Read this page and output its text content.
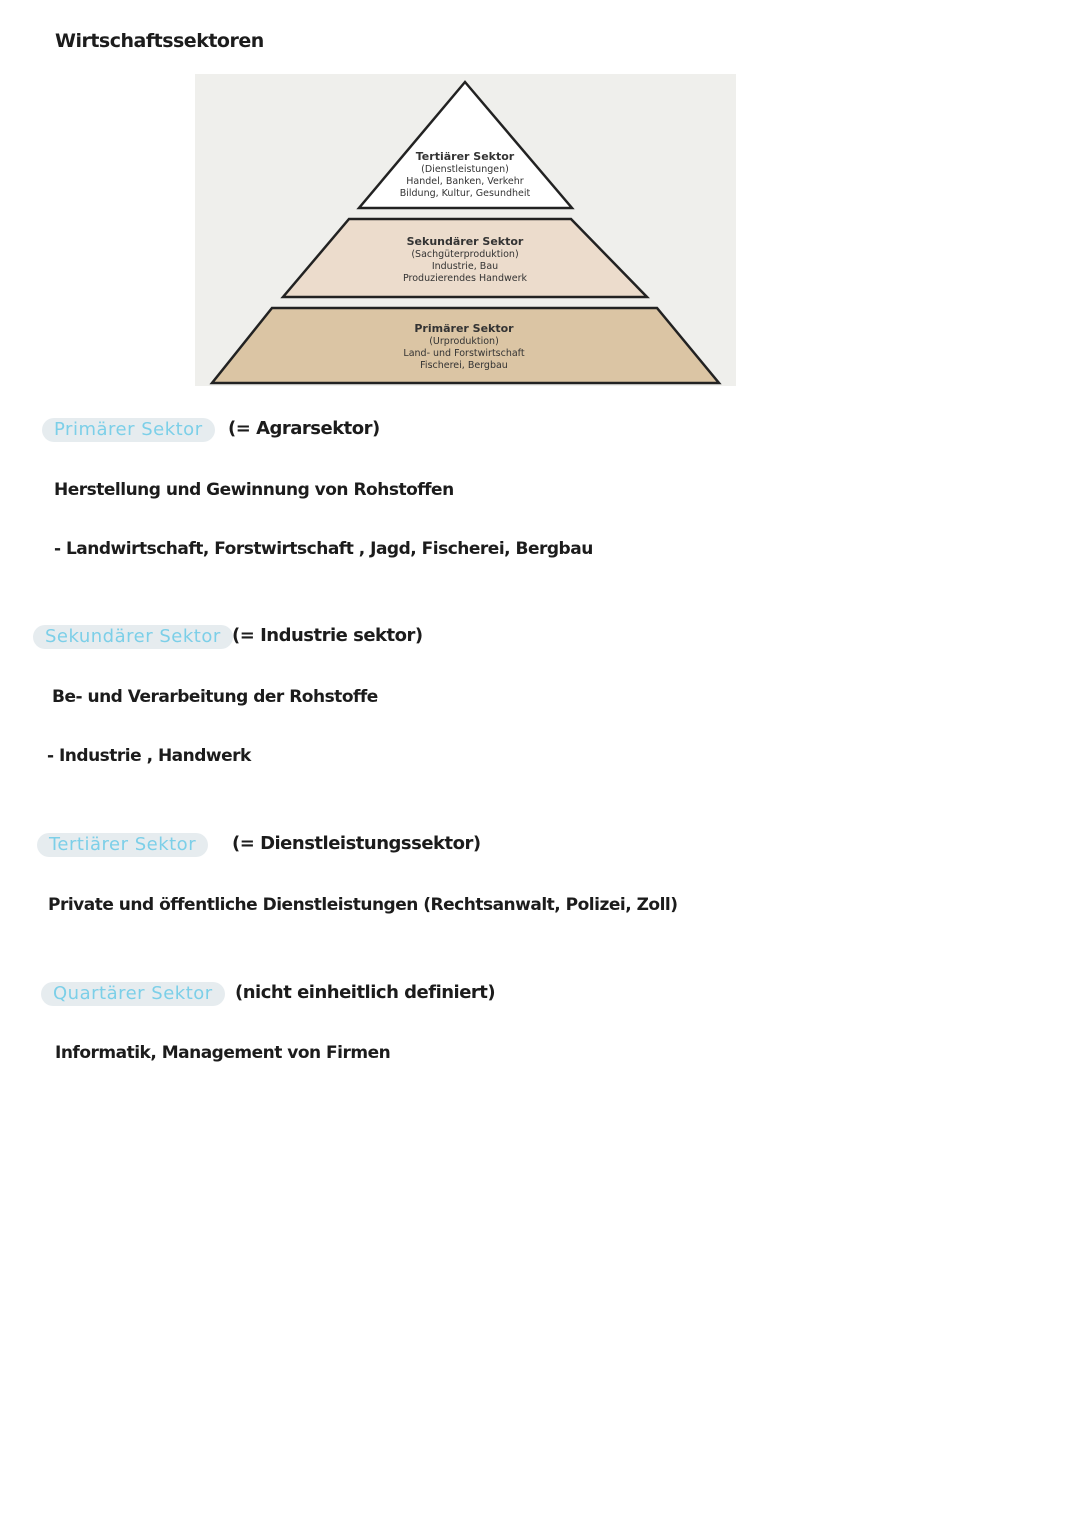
Wirtschaftssektoren
Tertiärer Sektor
(Dienstleistungen)
Handel, Banken, Verkehr
Bildung, Kultur, Gesundheit
Sekundärer Sektor
(Sachgüterproduktion)
Industrie, Bau
Produzierendes Handwerk
Primärer Sektor
(Urproduktion)
Land- und Forstwirtschaft
Fischerei, Bergbau
Primärer Sektor	(= Agrarsektor)
Herstellung und Gewinnung von Rohstoffen
- Landwirtschaft, Forstwirtschaft , Jagd, Fischerei, Bergbau
Sekundärer Sektor (= Industrie sektor)
Be- und Verarbeitung der Rohstoffe
- Industrie , Handwerk
Tertiärer Sektor	(= Dienstleistungssektor)
Private und öffentliche Dienstleistungen (Rechtsanwalt, Polizei, Zoll)
Quartärer Sektor	(nicht einheitlich definiert)
Informatik, Management von Firmen
